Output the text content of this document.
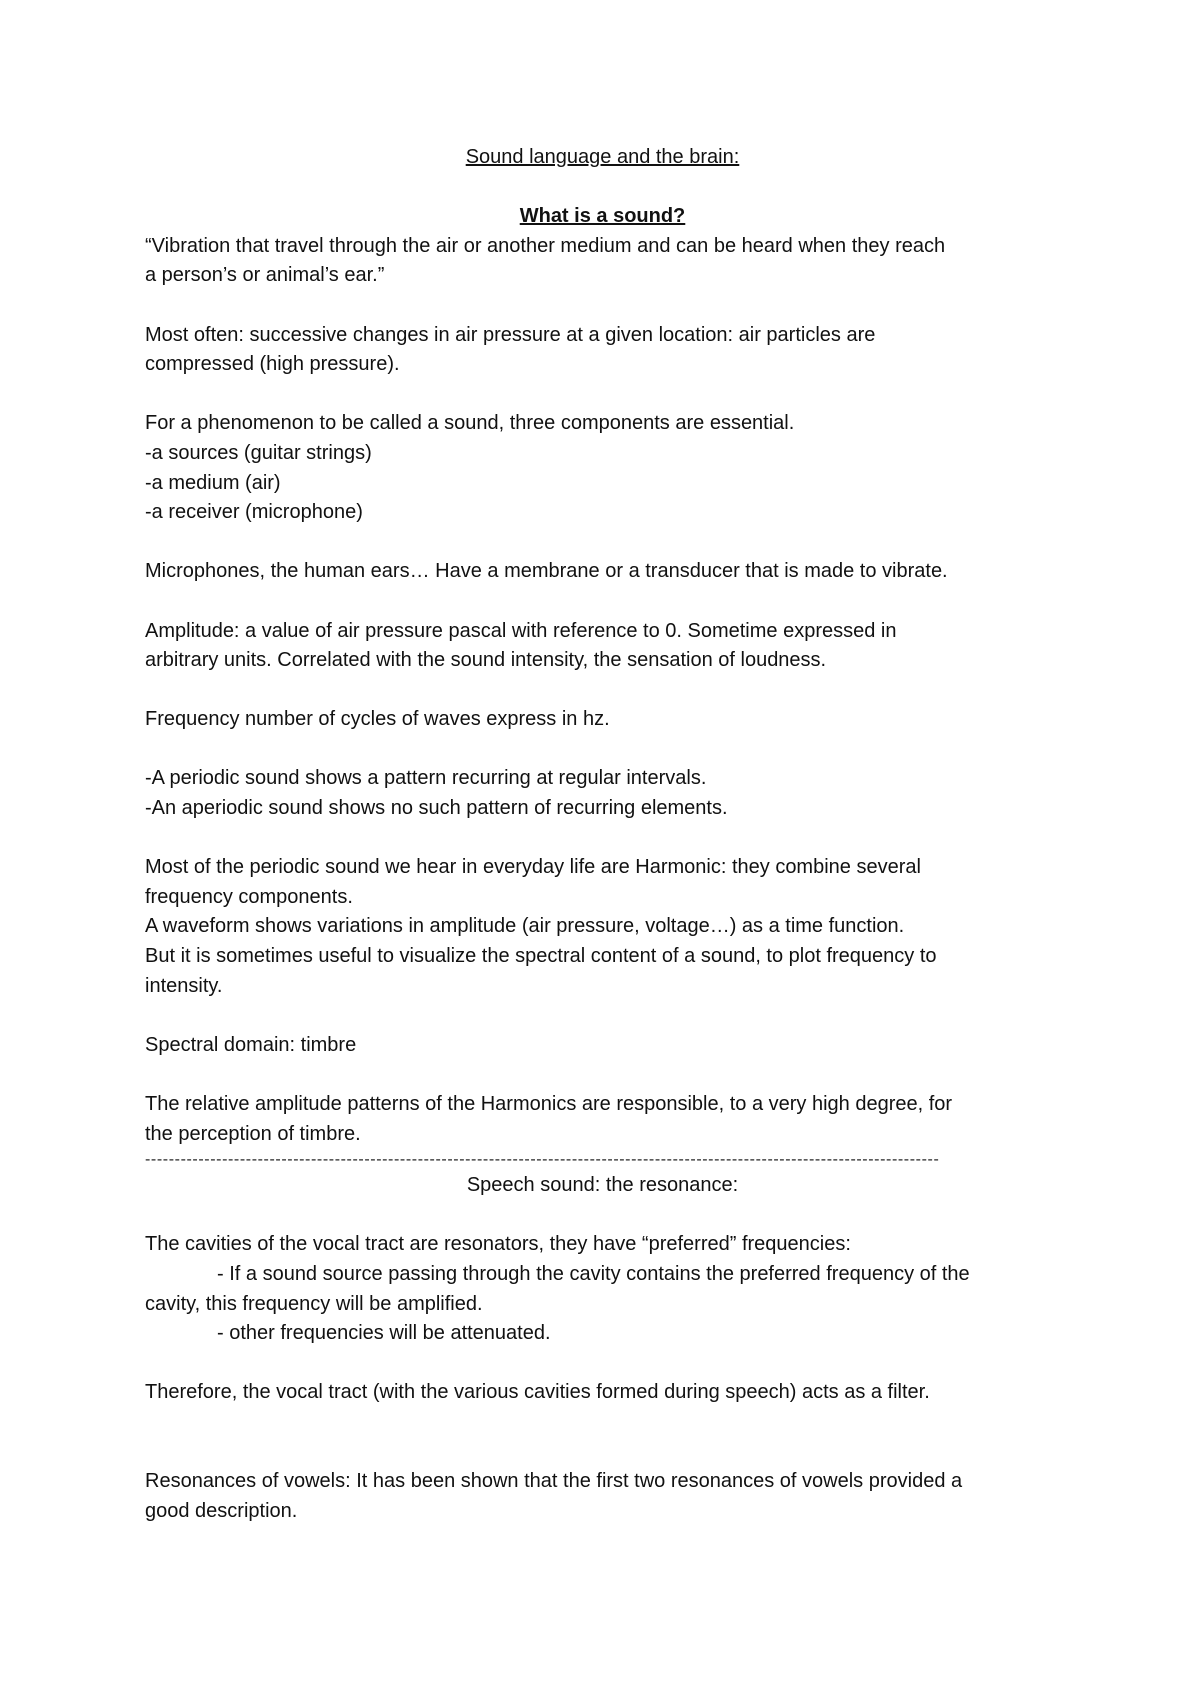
Sound language and the brain:

What is a sound?

“Vibration that travel through the air or another medium and can be heard when they reach

a person’s or animal’s ear.”

Most often: successive changes in air pressure at a given location: air particles are

compressed (high pressure).

For a phenomenon to be called a sound, three components are essential.

-a sources (guitar strings)

-a medium (air)

-a receiver (microphone)

Microphones, the human ears… Have a membrane or a transducer that is made to vibrate.

Amplitude: a value of air pressure pascal with reference to 0. Sometime expressed in

arbitrary units. Correlated with the sound intensity, the sensation of loudness.

Frequency number of cycles of waves express in hz.

-A periodic sound shows a pattern recurring at regular intervals.

-An aperiodic sound shows no such pattern of recurring elements.

Most of the periodic sound we hear in everyday life are Harmonic: they combine several

frequency components.

A waveform shows variations in amplitude (air pressure, voltage…) as a time function.

But it is sometimes useful to visualize the spectral content of a sound, to plot frequency to

intensity.

Spectral domain: timbre

The relative amplitude patterns of the Harmonics are responsible, to a very high degree, for

the perception of timbre.

--------------------------------------------------------------------------------------------------------------------------------------

Speech sound: the resonance:

The cavities of the vocal tract are resonators, they have “preferred” frequencies:

- If a sound source passing through the cavity contains the preferred frequency of the

cavity, this frequency will be amplified.

- other frequencies will be attenuated.

Therefore, the vocal tract (with the various cavities formed during speech) acts as a filter.

Resonances of vowels: It has been shown that the first two resonances of vowels provided a

good description.
